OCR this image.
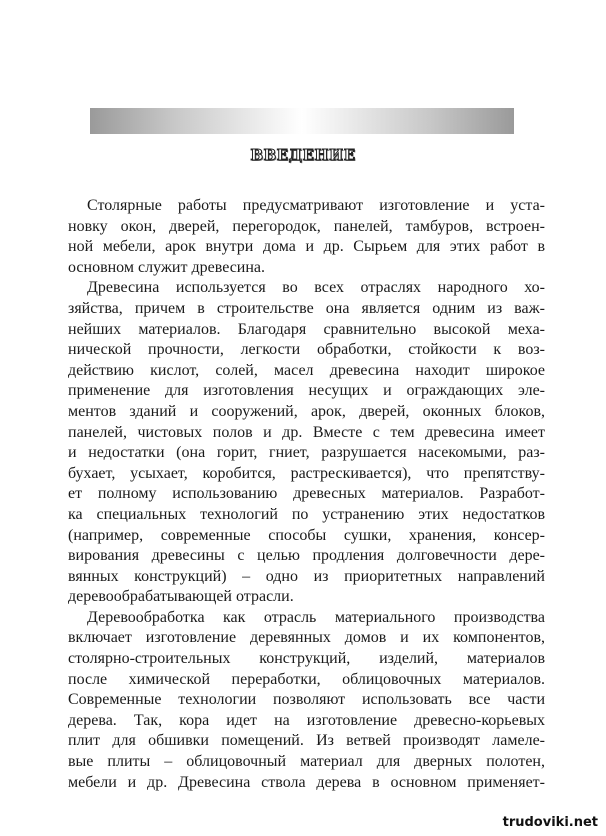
ВВЕДЕНИЕ
Столярные работы предусматривают изготовление и уста-
новку окон, дверей, перегородок, панелей, тамбуров, встроен-
ной мебели, арок внутри дома и др. Сырьем для этих работ в
основном служит древесина.
Древесина используется во всех отраслях народного хо-
зяйства, причем в строительстве она является одним из важ-
нейших материалов. Благодаря сравнительно высокой меха-
нической прочности, легкости обработки, стойкости к воз-
действию кислот, солей, масел древесина находит широкое
применение для изготовления несущих и ограждающих эле-
ментов зданий и сооружений, арок, дверей, оконных блоков,
панелей, чистовых полов и др. Вместе с тем древесина имеет
и недостатки (она горит, гниет, разрушается насекомыми, раз-
бухает, усыхает, коробится, растрескивается), что препятству-
ет полному использованию древесных материалов. Разработ-
ка специальных технологий по устранению этих недостатков
(например, современные способы сушки, хранения, консер-
вирования древесины с целью продления долговечности дере-
вянных конструкций) – одно из приоритетных направлений
деревообрабатывающей отрасли.
Деревообработка как отрасль материального производства
включает изготовление деревянных домов и их компонентов,
столярно-строительных конструкций, изделий, материалов
после химической переработки, облицовочных материалов.
Современные технологии позволяют использовать все части
дерева. Так, кора идет на изготовление древесно-корьевых
плит для обшивки помещений. Из ветвей производят ламеле-
вые плиты – облицовочный материал для дверных полотен,
мебели и др. Древесина ствола дерева в основном применяет-
trudoviki.net
